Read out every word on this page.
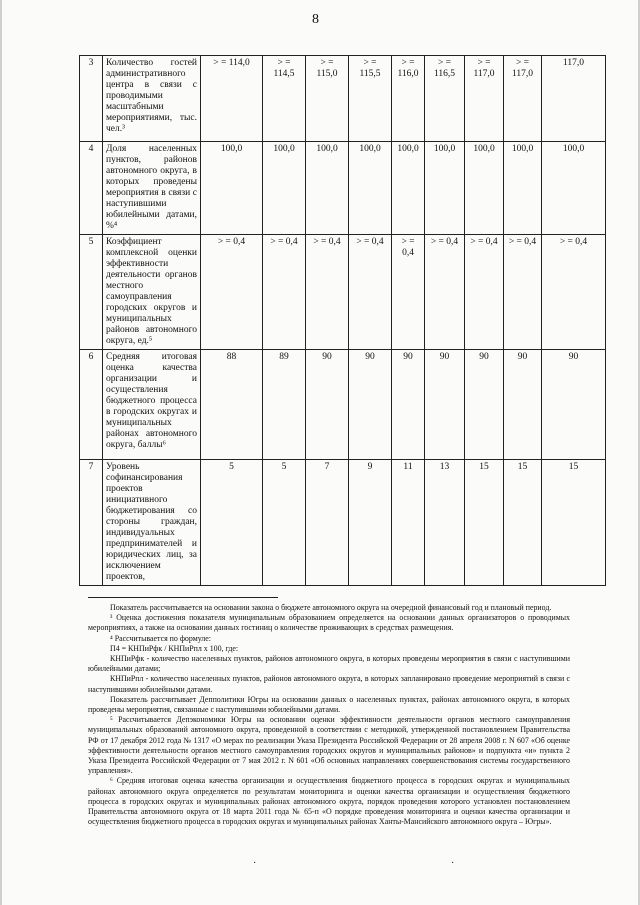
8
3	Количество гостей административного центра в связи с проводимыми масштабными мероприятиями, тыс. чел.³	> = 114,0	> = 114,5	> = 115,0	> = 115,5	> = 116,0	> = 116,5	> = 117,0	> = 117,0	117,0
4	Доля населенных пунктов, районов автономного округа, в которых проведены мероприятия в связи с наступившими юбилейными датами, %⁴	100,0	100,0	100,0	100,0	100,0	100,0	100,0	100,0	100,0
5	Коэффициент комплексной оценки эффективности деятельности органов местного самоуправления городских округов и муниципальных районов автономного округа, ед.⁵	> = 0,4	> = 0,4	> = 0,4	> = 0,4	> = 0,4	> = 0,4	> = 0,4	> = 0,4	> = 0,4
6	Средняя итоговая оценка качества организации и осуществления бюджетного процесса в городских округах и муниципальных районах автономного округа, баллы⁶	88	89	90	90	90	90	90	90	90
7	Уровень софинансирования проектов инициативного бюджетирования со стороны граждан, индивидуальных предпринимателей и юридических лиц, за исключением проектов,	5	5	7	9	11	13	15	15	15

Показатель рассчитывается на основании закона о бюджете автономного округа на очередной финансовый год и плановый период.

³ Оценка достижения показателя муниципальным образованием определяется на основании данных организаторов о проводимых мероприятиях, а также на основании данных гостиниц о количестве проживающих в средствах размещения.

⁴ Рассчитывается по формуле:

П4 = КНПиРфк / КНПиРпл х 100, где:

КНПиРфк - количество населенных пунктов, районов автономного округа, в которых проведены мероприятия в связи с наступившими юбилейными датами;

КНПиРпл - количество населенных пунктов, районов автономного округа, в которых запланировано проведение мероприятий в связи с наступившими юбилейными датами.

Показатель рассчитывает Депполитики Югры на основании данных о населенных пунктах, районах автономного округа, в которых проведены мероприятия, связанные с наступившими юбилейными датами.

⁵ Рассчитывается Депэкономики Югры на основании оценки эффективности деятельности органов местного самоуправления муниципальных образований автономного округа, проведенной в соответствии с методикой, утвержденной постановлением Правительства РФ от 17 декабря 2012 года № 1317 «О мерах по реализации Указа Президента Российской Федерации от 28 апреля 2008 г. N 607 «Об оценке эффективности деятельности органов местного самоуправления городских округов и муниципальных районов» и подпункта «и» пункта 2 Указа Президента Российской Федерации от 7 мая 2012 г. N 601 «Об основных направлениях совершенствования системы государственного управления».

⁶ Средняя итоговая оценка качества организации и осуществления бюджетного процесса в городских округах и муниципальных районах автономного округа определяется по результатам мониторинга и оценки качества организации и осуществления бюджетного процесса в городских округах и муниципальных районах автономного округа, порядок проведения которого установлен постановлением Правительства автономного округа от 18 марта 2011 года № 65-п «О порядке проведения мониторинга и оценки качества организации и осуществления бюджетного процесса в городских округах и муниципальных районах Ханты-Мансийского автономного округа – Югры».

·	·
